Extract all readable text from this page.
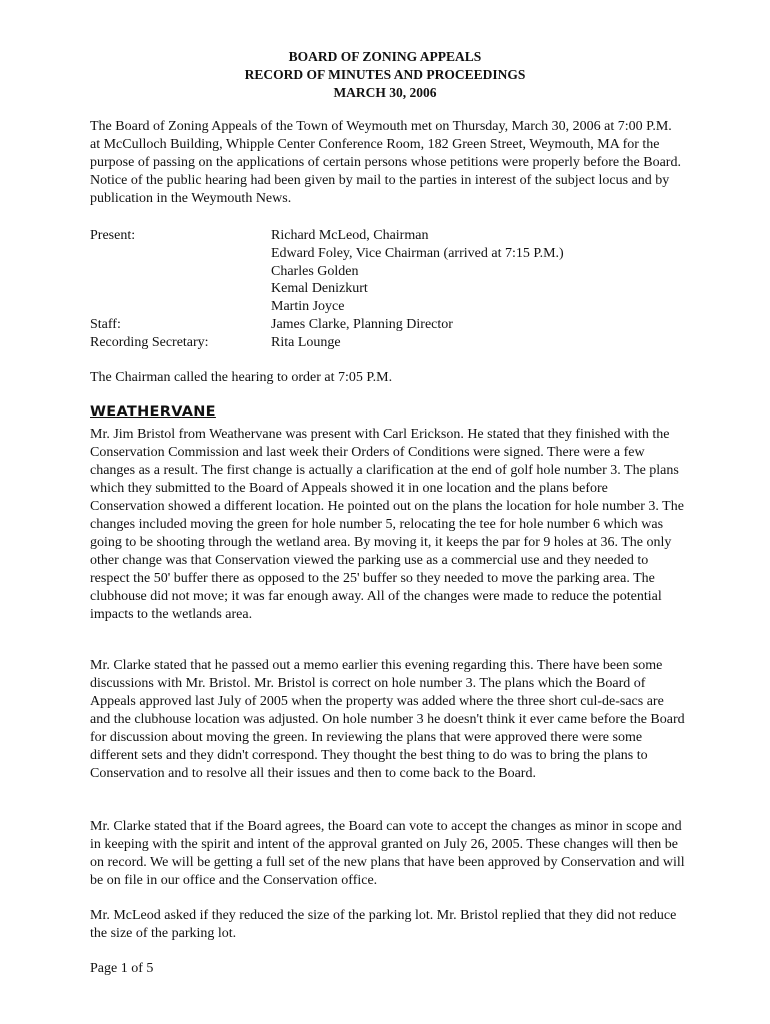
BOARD OF ZONING APPEALS
RECORD OF MINUTES AND PROCEEDINGS
MARCH 30, 2006

The Board of Zoning Appeals of the Town of Weymouth met on Thursday, March 30, 2006 at 7:00 P.M. at McCulloch Building, Whipple Center Conference Room, 182 Green Street, Weymouth, MA for the purpose of passing on the applications of certain persons whose petitions were properly before the Board. Notice of the public hearing had been given by mail to the parties in interest of the subject locus and by publication in the Weymouth News.

Present:	Richard McLeod, Chairman
Edward Foley, Vice Chairman (arrived at 7:15 P.M.)
Charles Golden
Kemal Denizkurt
Martin Joyce
Staff:	James Clarke, Planning Director
Recording Secretary:	Rita Lounge

The Chairman called the hearing to order at 7:05 P.M.

WEATHERVANE

Mr. Jim Bristol from Weathervane was present with Carl Erickson. He stated that they finished with the Conservation Commission and last week their Orders of Conditions were signed. There were a few changes as a result. The first change is actually a clarification at the end of golf hole number 3. The plans which they submitted to the Board of Appeals showed it in one location and the plans before Conservation showed a different location. He pointed out on the plans the location for hole number 3. The changes included moving the green for hole number 5, relocating the tee for hole number 6 which was going to be shooting through the wetland area. By moving it, it keeps the par for 9 holes at 36. The only other change was that Conservation viewed the parking use as a commercial use and they needed to respect the 50' buffer there as opposed to the 25' buffer so they needed to move the parking area. The clubhouse did not move; it was far enough away. All of the changes were made to reduce the potential impacts to the wetlands area.

Mr. Clarke stated that he passed out a memo earlier this evening regarding this. There have been some discussions with Mr. Bristol. Mr. Bristol is correct on hole number 3. The plans which the Board of Appeals approved last July of 2005 when the property was added where the three short cul-de-sacs are and the clubhouse location was adjusted. On hole number 3 he doesn't think it ever came before the Board for discussion about moving the green. In reviewing the plans that were approved there were some different sets and they didn't correspond. They thought the best thing to do was to bring the plans to Conservation and to resolve all their issues and then to come back to the Board.

Mr. Clarke stated that if the Board agrees, the Board can vote to accept the changes as minor in scope and in keeping with the spirit and intent of the approval granted on July 26, 2005. These changes will then be on record. We will be getting a full set of the new plans that have been approved by Conservation and will be on file in our office and the Conservation office.

Mr. McLeod asked if they reduced the size of the parking lot. Mr. Bristol replied that they did not reduce the size of the parking lot.

Page 1 of 5
